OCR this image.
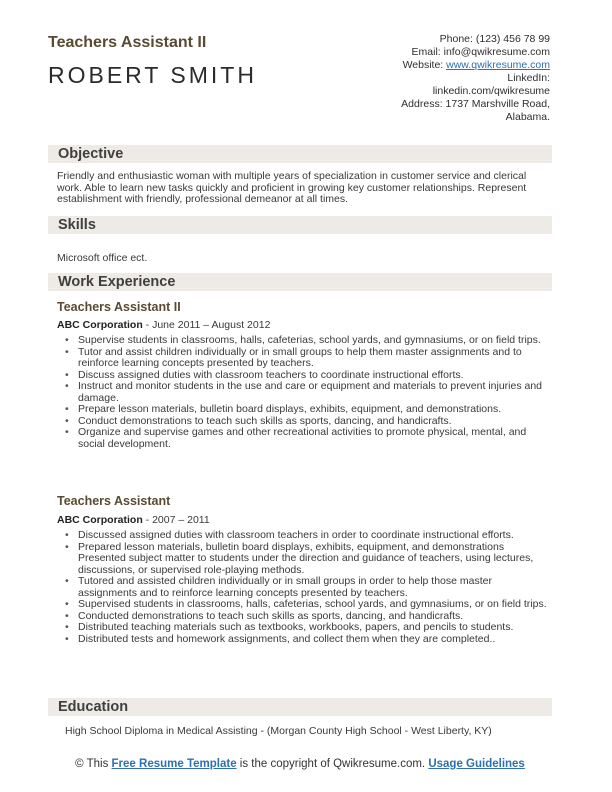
Teachers Assistant II
ROBERT SMITH
Phone: (123) 456 78 99
Email: info@qwikresume.com
Website: www.qwikresume.com
LinkedIn:
linkedin.com/qwikresume
Address: 1737 Marshville Road,
Alabama.
Objective
Friendly and enthusiastic woman with multiple years of specialization in customer service and clerical work. Able to learn new tasks quickly and proficient in growing key customer relationships. Represent establishment with friendly, professional demeanor at all times.
Skills
Microsoft office ect.
Work Experience
Teachers Assistant II
ABC Corporation - June 2011 – August 2012
• Supervise students in classrooms, halls, cafeterias, school yards, and gymnasiums, or on field trips.
• Tutor and assist children individually or in small groups to help them master assignments and to reinforce learning concepts presented by teachers.
• Discuss assigned duties with classroom teachers to coordinate instructional efforts.
• Instruct and monitor students in the use and care or equipment and materials to prevent injuries and damage.
• Prepare lesson materials, bulletin board displays, exhibits, equipment, and demonstrations.
• Conduct demonstrations to teach such skills as sports, dancing, and handicrafts.
• Organize and supervise games and other recreational activities to promote physical, mental, and social development.
Teachers Assistant
ABC Corporation - 2007 – 2011
• Discussed assigned duties with classroom teachers in order to coordinate instructional efforts.
• Prepared lesson materials, bulletin board displays, exhibits, equipment, and demonstrations Presented subject matter to students under the direction and guidance of teachers, using lectures, discussions, or supervised role-playing methods.
• Tutored and assisted children individually or in small groups in order to help those master assignments and to reinforce learning concepts presented by teachers.
• Supervised students in classrooms, halls, cafeterias, school yards, and gymnasiums, or on field trips.
• Conducted demonstrations to teach such skills as sports, dancing, and handicrafts.
• Distributed teaching materials such as textbooks, workbooks, papers, and pencils to students.
• Distributed tests and homework assignments, and collect them when they are completed..
Education
High School Diploma in Medical Assisting - (Morgan County High School - West Liberty, KY)
© This Free Resume Template is the copyright of Qwikresume.com. Usage Guidelines
